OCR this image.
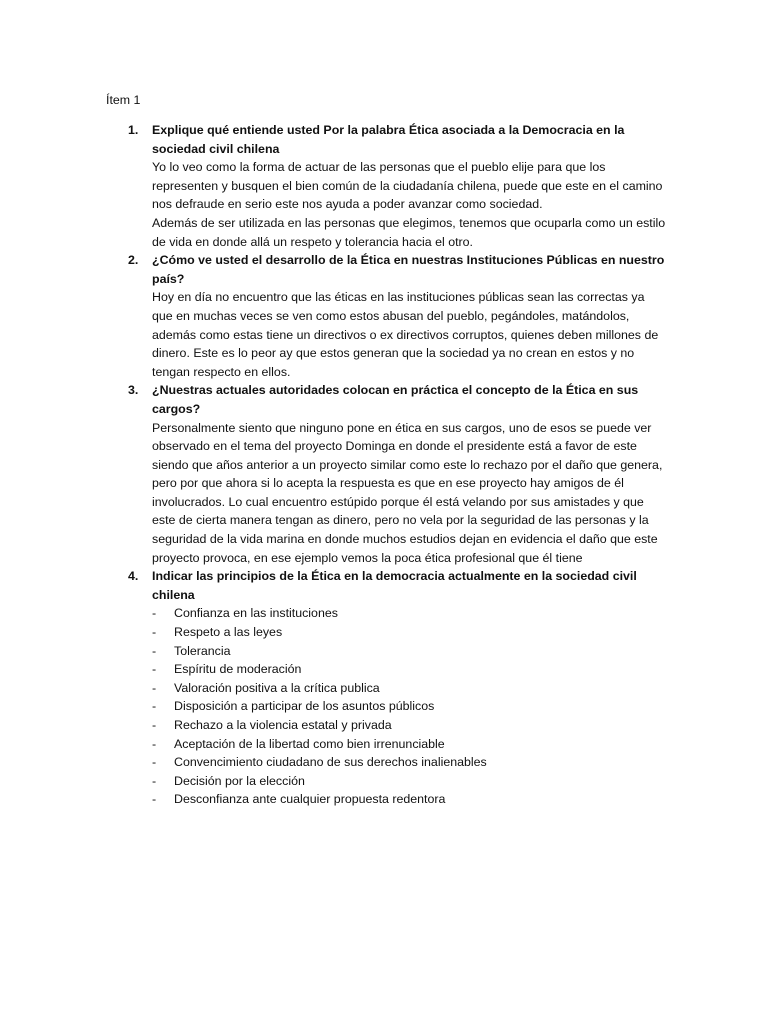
Ítem 1
1. Explique qué entiende usted Por la palabra Ética asociada a la Democracia en la sociedad civil chilena
Yo lo veo como la forma de actuar de las personas que el pueblo elije para que los representen y busquen el bien común de la ciudadanía chilena, puede que este en el camino nos defraude en serio este nos ayuda a poder avanzar como sociedad.
Además de ser utilizada en las personas que elegimos, tenemos que ocuparla como un estilo de vida en donde allá un respeto y tolerancia hacia el otro.
2. ¿Cómo ve usted el desarrollo de la Ética en nuestras Instituciones Públicas en nuestro país?
Hoy en día no encuentro que las éticas en las instituciones públicas sean las correctas ya que en muchas veces se ven como estos abusan del pueblo, pegándoles, matándolos, además como estas tiene un directivos o ex directivos corruptos, quienes deben millones de dinero. Este es lo peor ay que estos generan que la sociedad ya no crean en estos y no tengan respecto en ellos.
3. ¿Nuestras actuales autoridades colocan en práctica el concepto de la Ética en sus cargos?
Personalmente siento que ninguno pone en ética en sus cargos, uno de esos se puede ver observado en el tema del proyecto Dominga en donde el presidente está a favor de este siendo que años anterior a un proyecto similar como este lo rechazo por el daño que genera, pero por que ahora si lo acepta la respuesta es que en ese proyecto hay amigos de él involucrados. Lo cual encuentro estúpido porque él está velando por sus amistades y que este de cierta manera tengan as dinero, pero no vela por la seguridad de las personas y la seguridad de la vida marina en donde muchos estudios dejan en evidencia el daño que este proyecto provoca, en ese ejemplo vemos la poca ética profesional que él tiene
4. Indicar las principios de la Ética en la democracia actualmente en la sociedad civil chilena
- Confianza en las instituciones
- Respeto a las leyes
- Tolerancia
- Espíritu de moderación
- Valoración positiva a la crítica publica
- Disposición a participar de los asuntos públicos
- Rechazo a la violencia estatal y privada
- Aceptación de la libertad como bien irrenunciable
- Convencimiento ciudadano de sus derechos inalienables
- Decisión por la elección
- Desconfianza ante cualquier propuesta redentora
